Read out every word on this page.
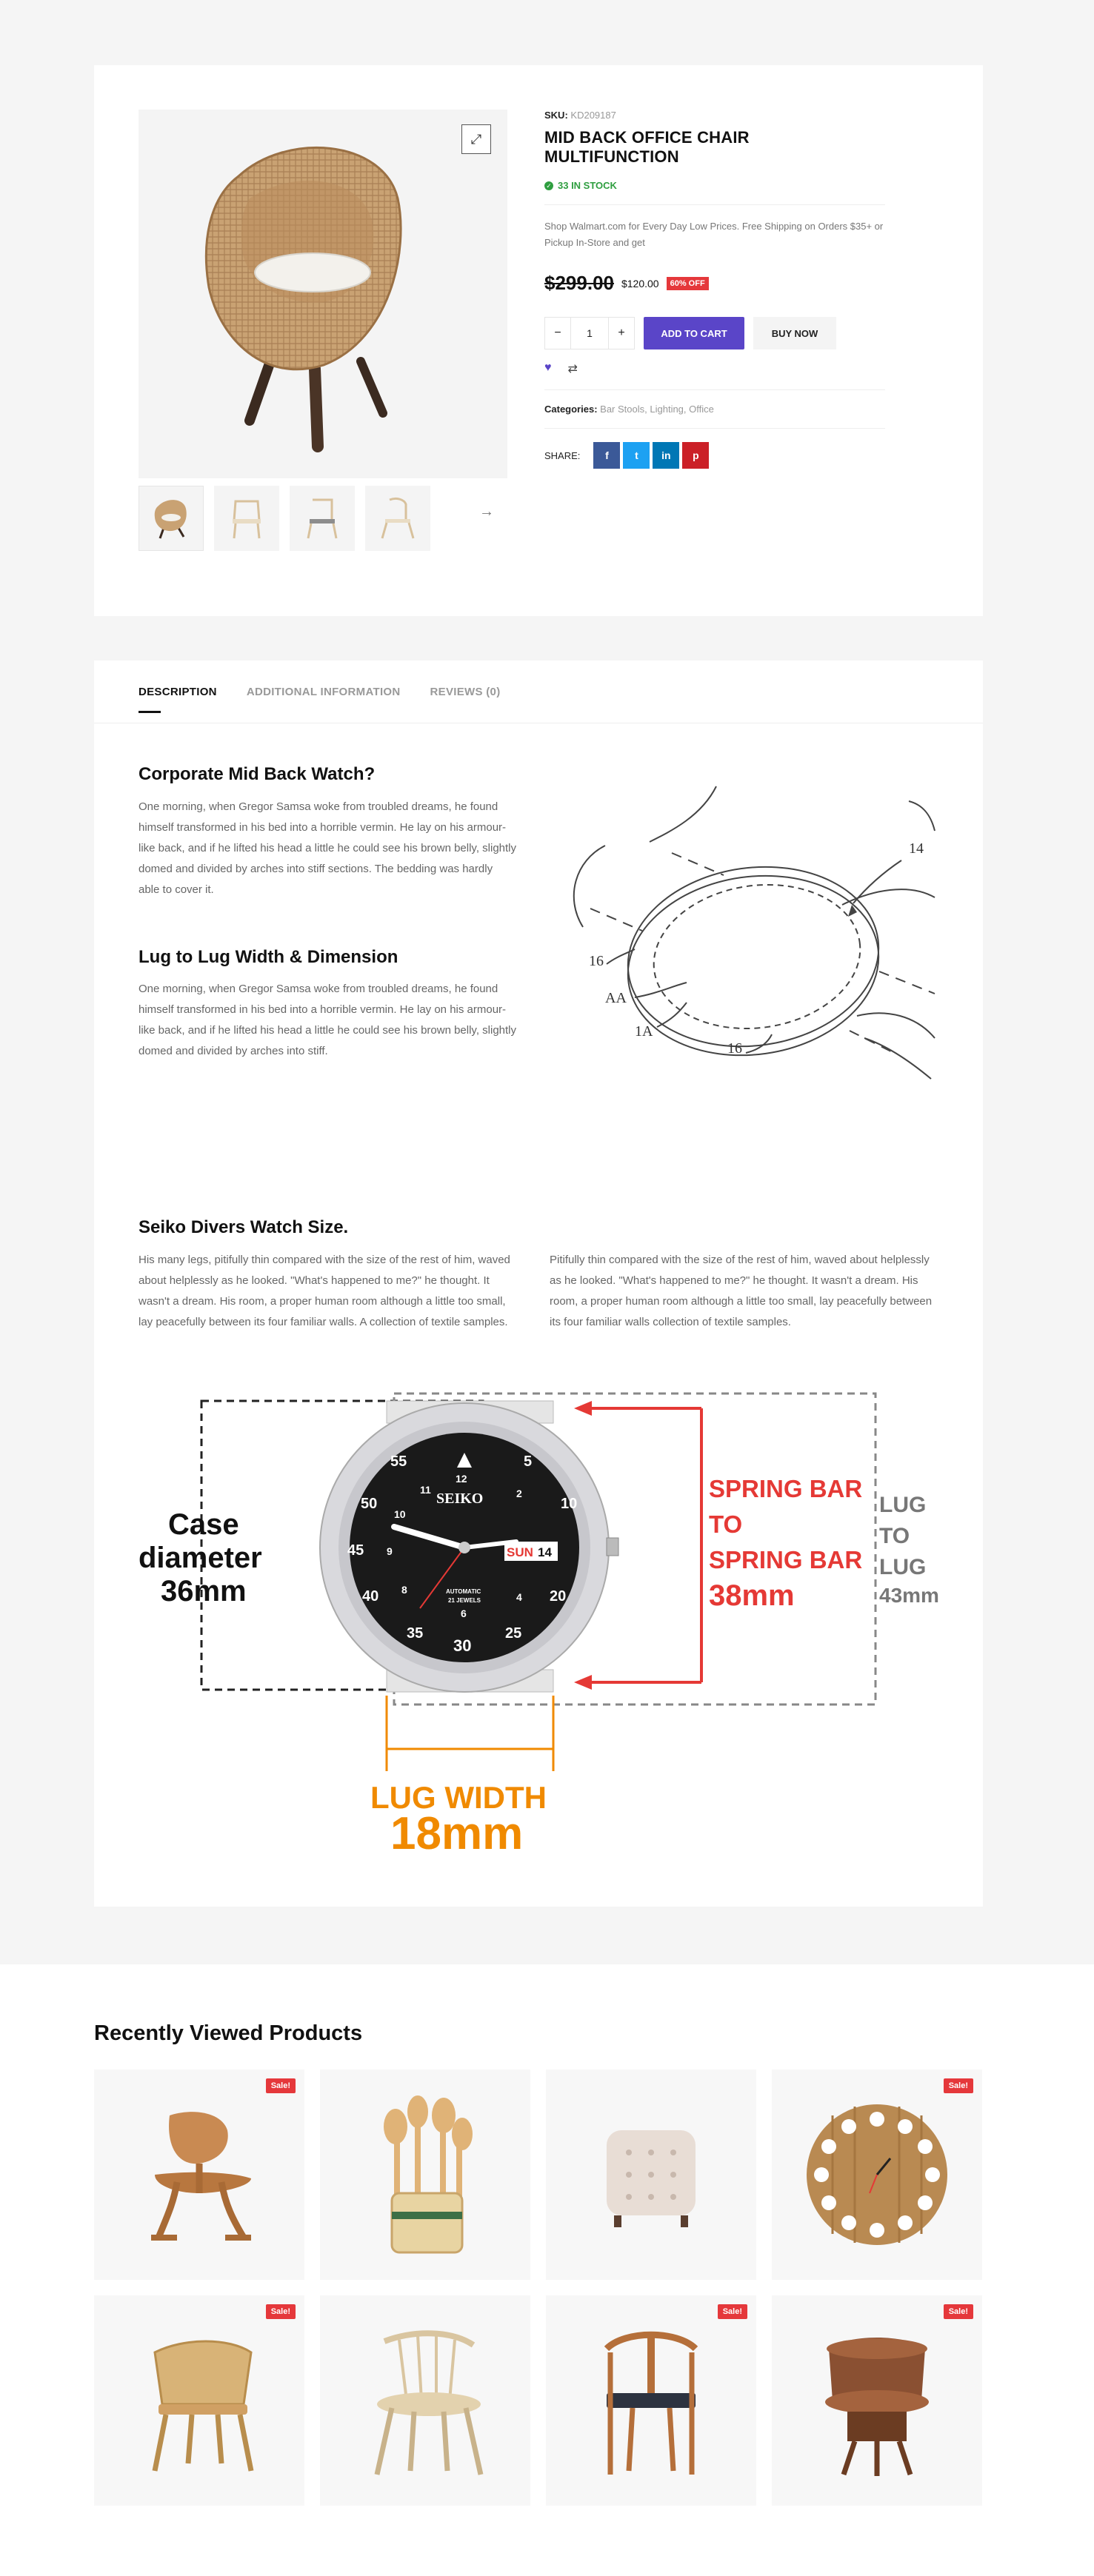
⤢
→
SKU: KD209187
MID BACK OFFICE CHAIR MULTIFUNCTION
✓ 33 IN STOCK
Shop Walmart.com for Every Day Low Prices. Free Shipping on Orders $35+ or Pickup In-Store and get
$299.00 $120.00	60% OFF
−
1	+	ADD TO CART	BUY NOW
♥ ⇄
Categories: Bar Stools, Lighting, Office
SHARE:	f	t	in	p
DESCRIPTION	ADDITIONAL INFORMATION	REVIEWS (0)
Corporate Mid Back Watch?
One morning, when Gregor Samsa woke from troubled dreams, he found himself transformed in his bed into a horrible vermin. He lay on his armour-like back, and if he lifted his head a little he could see his brown belly, slightly domed and divided by arches into stiff sections. The bedding was hardly able to cover it.
Lug to Lug Width & Dimension
One morning, when Gregor Samsa woke from troubled dreams, he found himself transformed in his bed into a horrible vermin. He lay on his armour-like back, and if he lifted his head a little he could see his brown belly, slightly domed and divided by arches into stiff.
14
16
AA
1A
16
Seiko Divers Watch Size.
His many legs, pitifully thin compared with the size of the rest of him, waved about helplessly as he looked. "What's happened to me?" he thought. It wasn't a dream. His room, a proper human room although a little too small, lay peacefully between its four familiar walls. A collection of textile samples.
Pitifully thin compared with the size of the rest of him, waved about helplessly as he looked. "What's happened to me?" he thought. It wasn't a dream. His room, a proper human room although a little too small, lay peacefully between its four familiar walls collection of textile samples.
55	5
10
50
45
40
35
30
25
20
12
2
4
6
8
9
10
11
SEIKO
SUN 14
AUTOMATIC
21 JEWELS
Case
diameter
36mm
SPRING BAR
TO
SPRING BAR
38mm
LUG
TO
LUG
43mm
LUG WIDTH
18mm
Recently Viewed Products
Sale!	Sale!
Sale!	Sale!	Sale!
